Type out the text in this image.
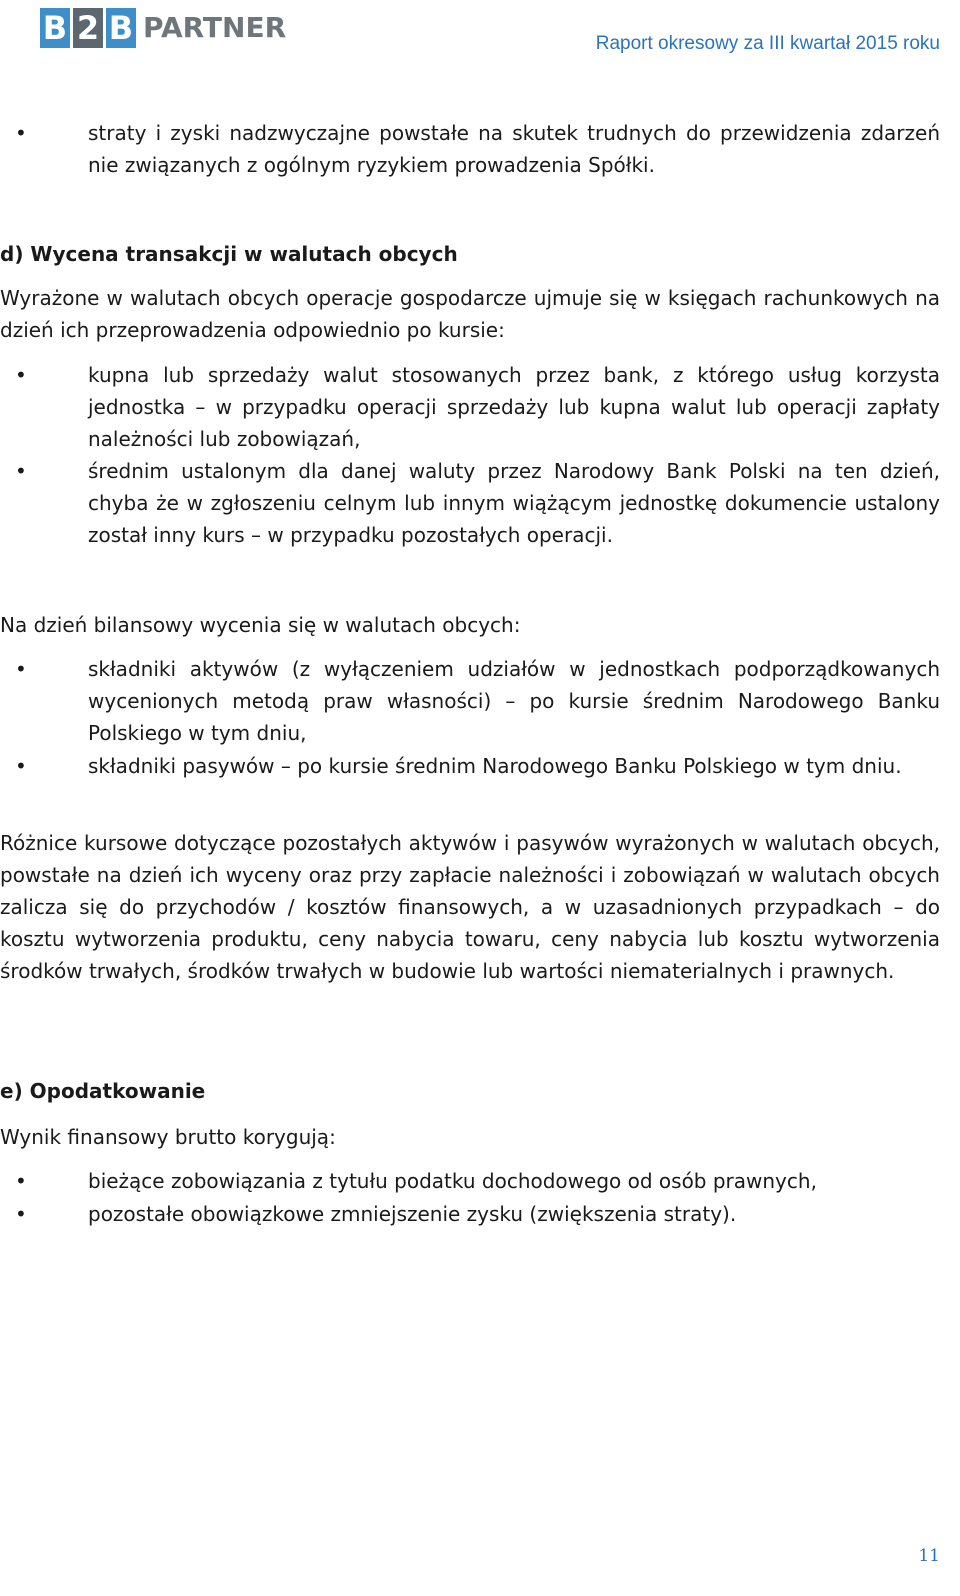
B 2 B PARTNER	Raport okresowy za III kwartał 2015 roku
•	straty i zyski nadzwyczajne powstałe na skutek trudnych do przewidzenia zdarzeń nie związanych z ogólnym ryzykiem prowadzenia Spółki.
d) Wycena transakcji w walutach obcych
Wyrażone w walutach obcych operacje gospodarcze ujmuje się w księgach rachunkowych na dzień ich przeprowadzenia odpowiednio po kursie:
•	kupna lub sprzedaży walut stosowanych przez bank, z którego usług korzysta jednostka – w przypadku operacji sprzedaży lub kupna walut lub operacji zapłaty należności lub zobowiązań,
•	średnim ustalonym dla danej waluty przez Narodowy Bank Polski na ten dzień, chyba że w zgłoszeniu celnym lub innym wiążącym jednostkę dokumencie ustalony został inny kurs – w przypadku pozostałych operacji.
Na dzień bilansowy wycenia się w walutach obcych:
•	składniki aktywów (z wyłączeniem udziałów w jednostkach podporządkowanych wycenionych metodą praw własności) – po kursie średnim Narodowego Banku Polskiego w tym dniu,
•	składniki pasywów – po kursie średnim Narodowego Banku Polskiego w tym dniu.
Różnice kursowe dotyczące pozostałych aktywów i pasywów wyrażonych w walutach obcych, powstałe na dzień ich wyceny oraz przy zapłacie należności i zobowiązań w walutach obcych zalicza się do przychodów / kosztów finansowych, a w uzasadnionych przypadkach – do kosztu wytworzenia produktu, ceny nabycia towaru, ceny nabycia lub kosztu wytworzenia środków trwałych, środków trwałych w budowie lub wartości niematerialnych i prawnych.
e) Opodatkowanie
Wynik finansowy brutto korygują:
•	bieżące zobowiązania z tytułu podatku dochodowego od osób prawnych,
•	pozostałe obowiązkowe zmniejszenie zysku (zwiększenia straty).
11
